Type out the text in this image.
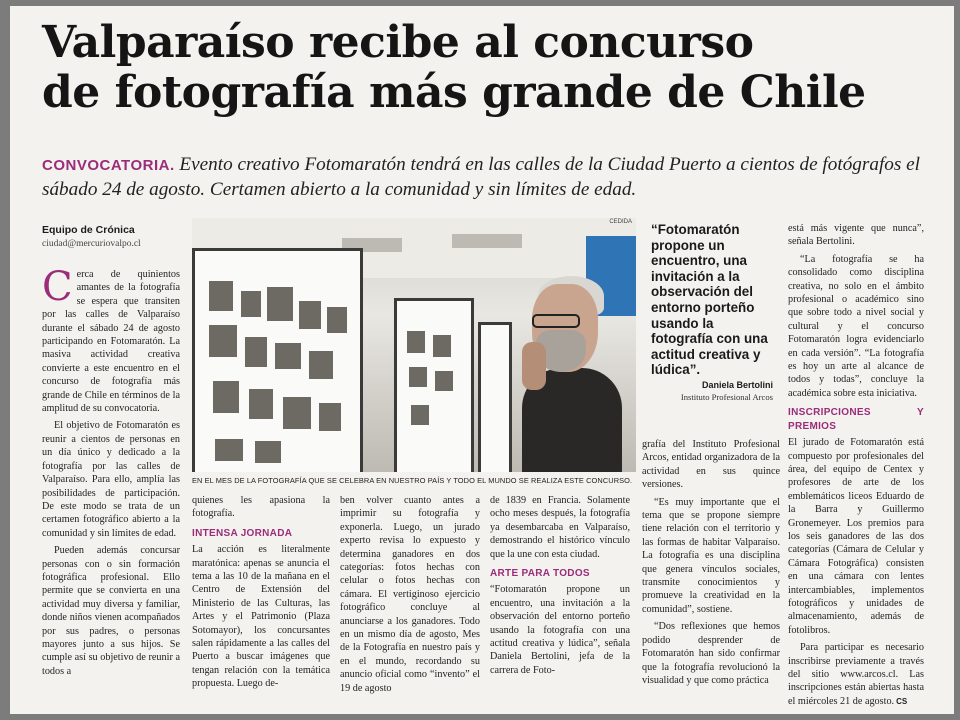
Valparaíso recibe al concurso
de fotografía más grande de Chile
CONVOCATORIA. Evento creativo Fotomaratón tendrá en las calles de la Ciudad Puerto a cientos de fotógrafos el sábado 24 de agosto. Certamen abierto a la comunidad y sin límites de edad.
Equipo de Crónica
ciudad@mercuriovalpo.cl

Cerca de quinientos amantes de la fotografía se espera que transiten por las calles de Valparaíso durante el sábado 24 de agosto participando en Fotomaratón. La masiva actividad creativa convierte a este encuentro en el concurso de fotografía más grande de Chile en términos de la amplitud de su convocatoria.

El objetivo de Fotomaratón es reunir a cientos de personas en un día único y dedicado a la fotografía por las calles de Valparaíso. Para ello, amplía las posibilidades de participación. De este modo se trata de un certamen fotográfico abierto a la comunidad y sin límites de edad.

Pueden además concursar personas con o sin formación fotográfica profesional. Ello permite que se convierta en una actividad muy diversa y familiar, donde niños vienen acompañados por sus padres, o personas mayores junto a sus hijos. Se cumple así su objetivo de reunir a todos a

CEDIDA
EN EL MES DE LA FOTOGRAFÍA QUE SE CELEBRA EN NUESTRO PAÍS Y TODO EL MUNDO SE REALIZA ESTE CONCURSO.
“Fotomaratón propone un encuentro, una invitación a la observación del entorno porteño usando la fotografía con una actitud creativa y lúdica”.
Daniela Bertolini
Instituto Profesional Arcos

quienes les apasiona la fotografía.

INTENSA JORNADA

La acción es literalmente maratónica: apenas se anuncia el tema a las 10 de la mañana en el Centro de Extensión del Ministerio de las Culturas, las Artes y el Patrimonio (Plaza Sotomayor), los concursantes salen rápidamente a las calles del Puerto a buscar imágenes que tengan relación con la temática propuesta. Luego de-

ben volver cuanto antes a imprimir su fotografía y exponerla. Luego, un jurado experto revisa lo expuesto y determina ganadores en dos categorías: fotos hechas con celular o fotos hechas con cámara. El vertiginoso ejercicio fotográfico concluye al anunciarse a los ganadores. Todo en un mismo día de agosto, Mes de la Fotografía en nuestro país y en el mundo, recordando su anuncio oficial como “invento” el 19 de agosto

de 1839 en Francia. Solamente ocho meses después, la fotografía ya desembarcaba en Valparaíso, demostrando el histórico vínculo que la une con esta ciudad.

ARTE PARA TODOS

“Fotomaratón propone un encuentro, una invitación a la observación del entorno porteño usando la fotografía con una actitud creativa y lúdica”, señala Daniela Bertolini, jefa de la carrera de Foto-

grafía del Instituto Profesional Arcos, entidad organizadora de la actividad en sus quince versiones.

“Es muy importante que el tema que se propone siempre tiene relación con el territorio y las formas de habitar Valparaíso. La fotografía es una disciplina que genera vínculos sociales, transmite conocimientos y promueve la creatividad en la comunidad”, sostiene.

“Dos reflexiones que hemos podido desprender de Fotomaratón han sido confirmar que la fotografía revolucionó la visualidad y que como práctica

está más vigente que nunca”, señala Bertolini.

“La fotografía se ha consolidado como disciplina creativa, no solo en el ámbito profesional o académico sino que sobre todo a nivel social y cultural y el concurso Fotomaratón logra evidenciarlo en cada versión”. “La fotografía es hoy un arte al alcance de todos y todas”, concluye la académica sobre esta iniciativa.

INSCRIPCIONES Y PREMIOS

El jurado de Fotomaratón está compuesto por profesionales del área, del equipo de Centex y profesores de arte de los emblemáticos liceos Eduardo de la Barra y Guillermo Gronemeyer. Los premios para los seis ganadores de las dos categorías (Cámara de Celular y Cámara Fotográfica) consisten en una cámara con lentes intercambiables, implementos fotográficos y unidades de almacenamiento, además de fotolibros.

Para participar es necesario inscribirse previamente a través del sitio www.arcos.cl. Las inscripciones están abiertas hasta el miércoles 21 de agosto. CS
